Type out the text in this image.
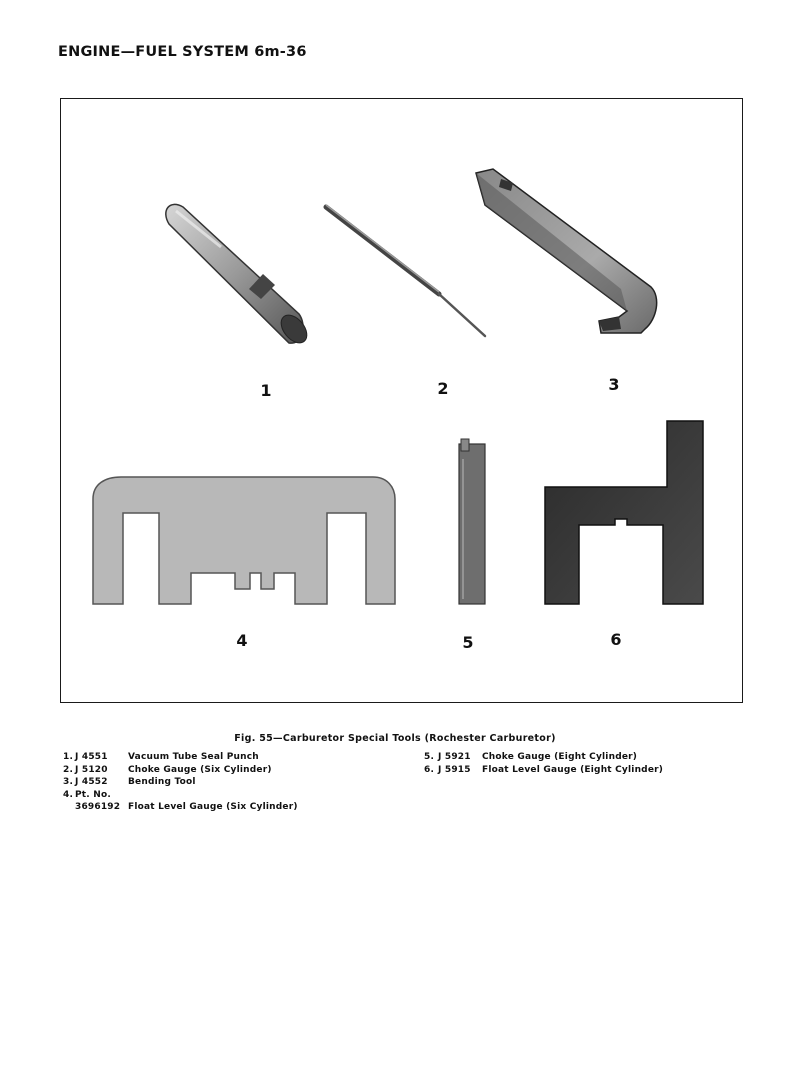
ENGINE—FUEL SYSTEM 6m-36
1	2	3
4	5	6
Fig. 55—Carburetor Special Tools (Rochester Carburetor)
1. J 4551 Vacuum Tube Seal Punch
2. J 5120 Choke Gauge (Six Cylinder)
3. J 4552 Bending Tool
4. Pt. No.
3696192 Float Level Gauge (Six Cylinder)
5. J 5921 Choke Gauge (Eight Cylinder)
6. J 5915 Float Level Gauge (Eight Cylinder)
